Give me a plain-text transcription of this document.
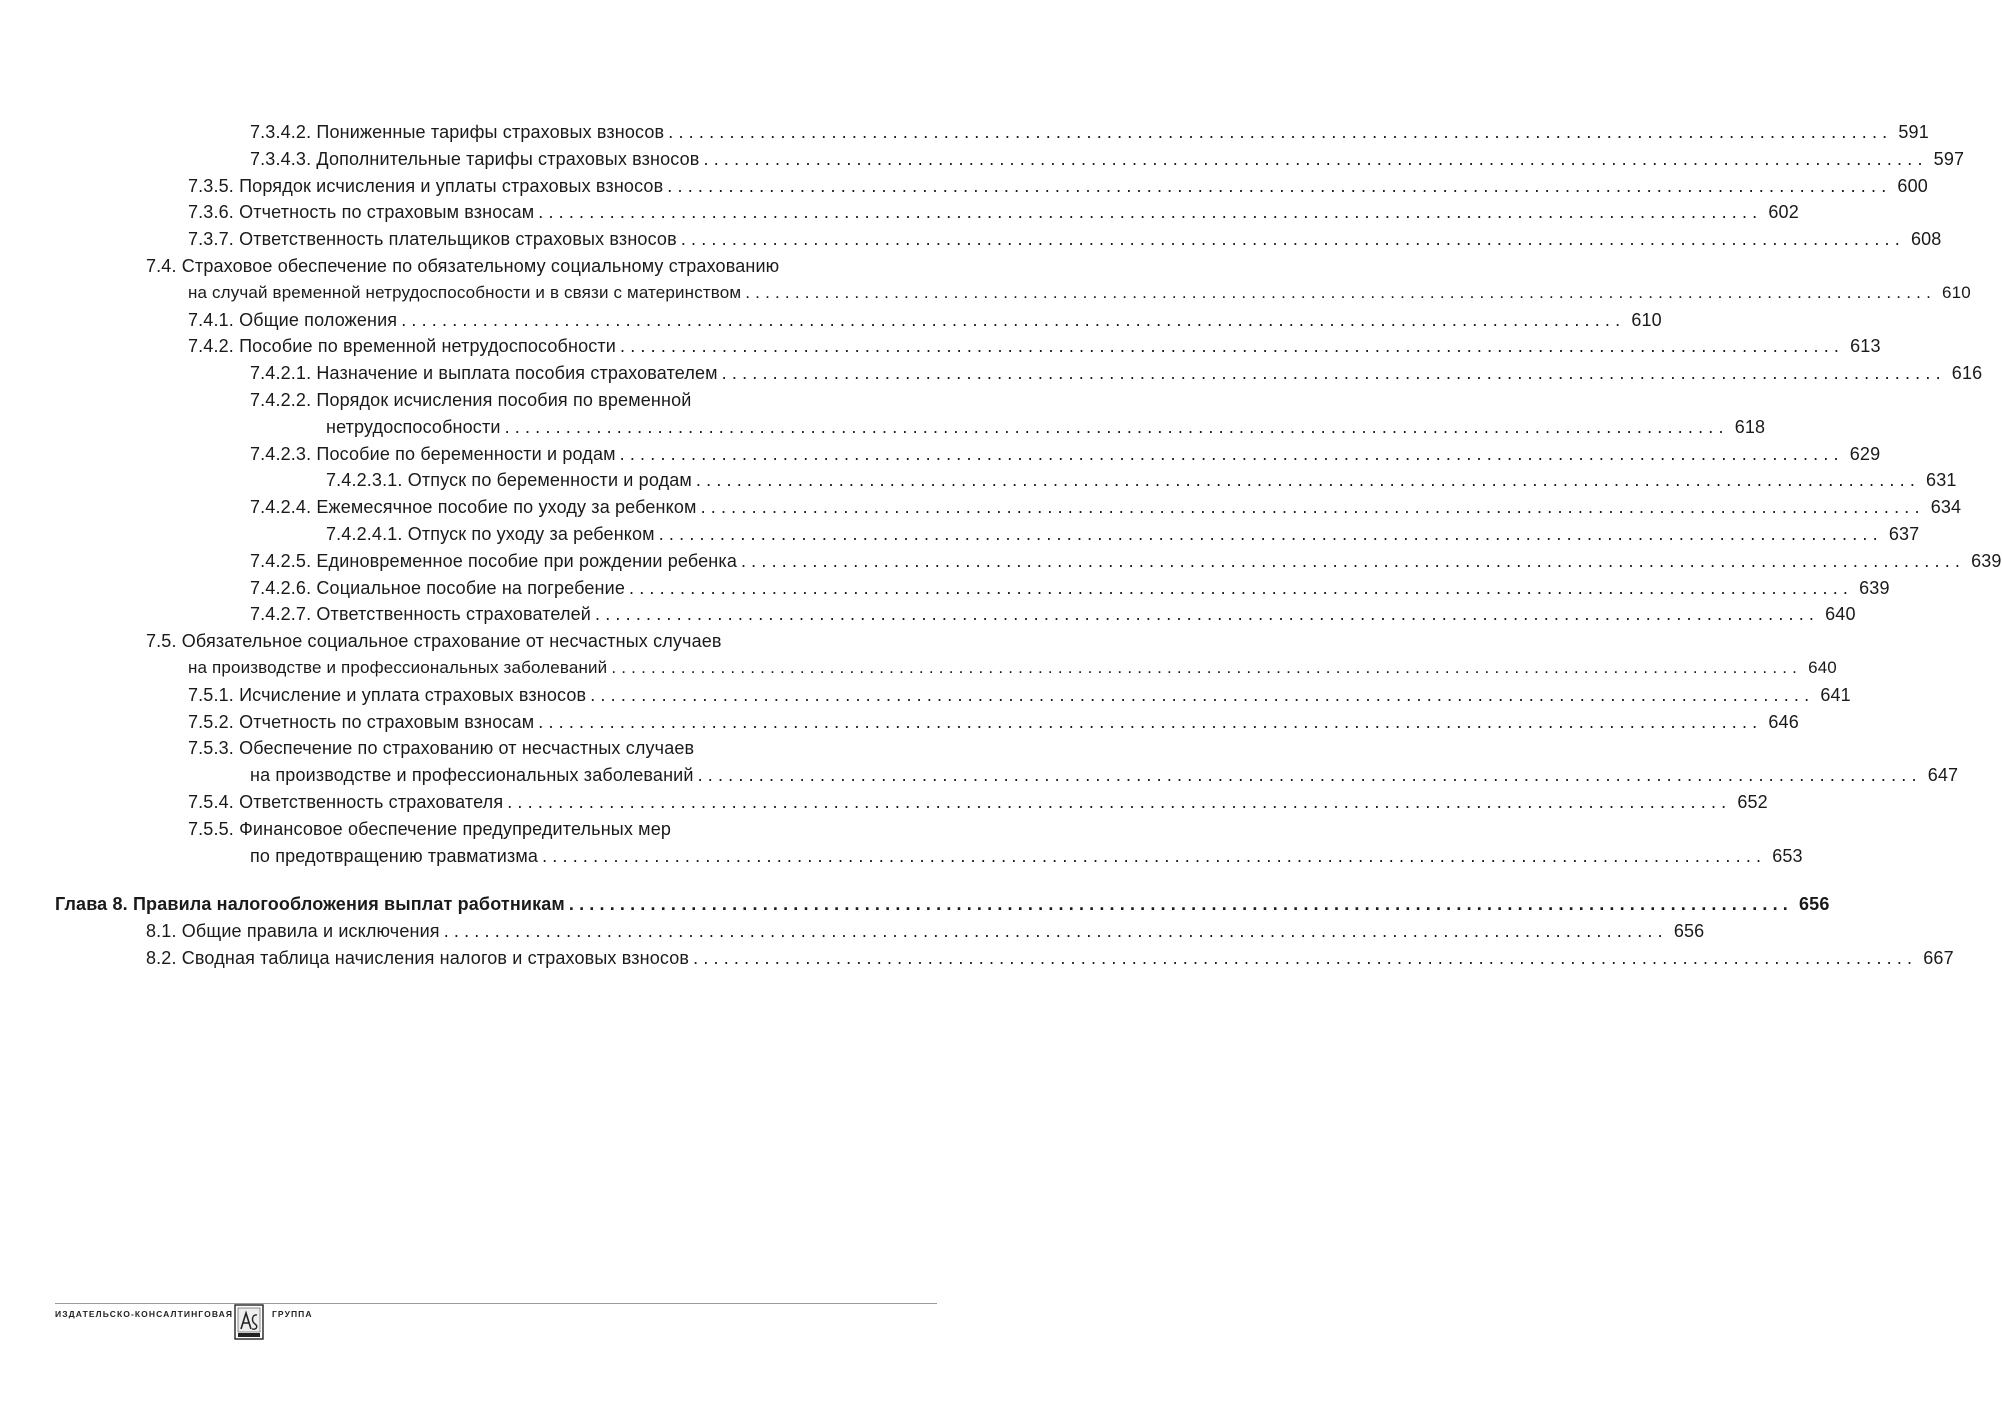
7.3.4.2. Пониженные тарифы страховых взносов ........................................................................................................................ 591
7.3.4.3. Дополнительные тарифы страховых взносов ........................................................................................................................ 597
7.3.5. Порядок исчисления и уплаты страховых взносов ........................................................................................................................ 600
7.3.6. Отчетность по страховым взносам ........................................................................................................................ 602
7.3.7. Ответственность плательщиков страховых взносов ........................................................................................................................ 608
7.4. Страховое обеспечение по обязательному социальному страхованию
на случай временной нетрудоспособности и в связи с материнством ........................................................................................................................ 610
7.4.1. Общие положения ........................................................................................................................ 610
7.4.2. Пособие по временной нетрудоспособности ........................................................................................................................ 613
7.4.2.1. Назначение и выплата пособия страхователем ........................................................................................................................ 616
7.4.2.2. Порядок исчисления пособия по временной
нетрудоспособности ........................................................................................................................ 618
7.4.2.3. Пособие по беременности и родам ........................................................................................................................ 629
7.4.2.3.1. Отпуск по беременности и родам ........................................................................................................................ 631
7.4.2.4. Ежемесячное пособие по уходу за ребенком ........................................................................................................................ 634
7.4.2.4.1. Отпуск по уходу за ребенком ........................................................................................................................ 637
7.4.2.5. Единовременное пособие при рождении ребенка ........................................................................................................................ 639
7.4.2.6. Социальное пособие на погребение ........................................................................................................................ 639
7.4.2.7. Ответственность страхователей ........................................................................................................................ 640
7.5. Обязательное социальное страхование от несчастных случаев
на производстве и профессиональных заболеваний ........................................................................................................................ 640
7.5.1. Исчисление и уплата страховых взносов ........................................................................................................................ 641
7.5.2. Отчетность по страховым взносам ........................................................................................................................ 646
7.5.3. Обеспечение по страхованию от несчастных случаев
на производстве и профессиональных заболеваний ........................................................................................................................ 647
7.5.4. Ответственность страхователя ........................................................................................................................ 652
7.5.5. Финансовое обеспечение предупредительных мер
по предотвращению травматизма ........................................................................................................................ 653
Глава 8. Правила налогообложения выплат работникам ........................................................................................................................ 656
8.1. Общие правила и исключения ........................................................................................................................ 656
8.2. Сводная таблица начисления налогов и страховых взносов ........................................................................................................................ 667
ИЗДАТЕЛЬСКО-КОНСАЛТИНГОВАЯ	ГРУППА
